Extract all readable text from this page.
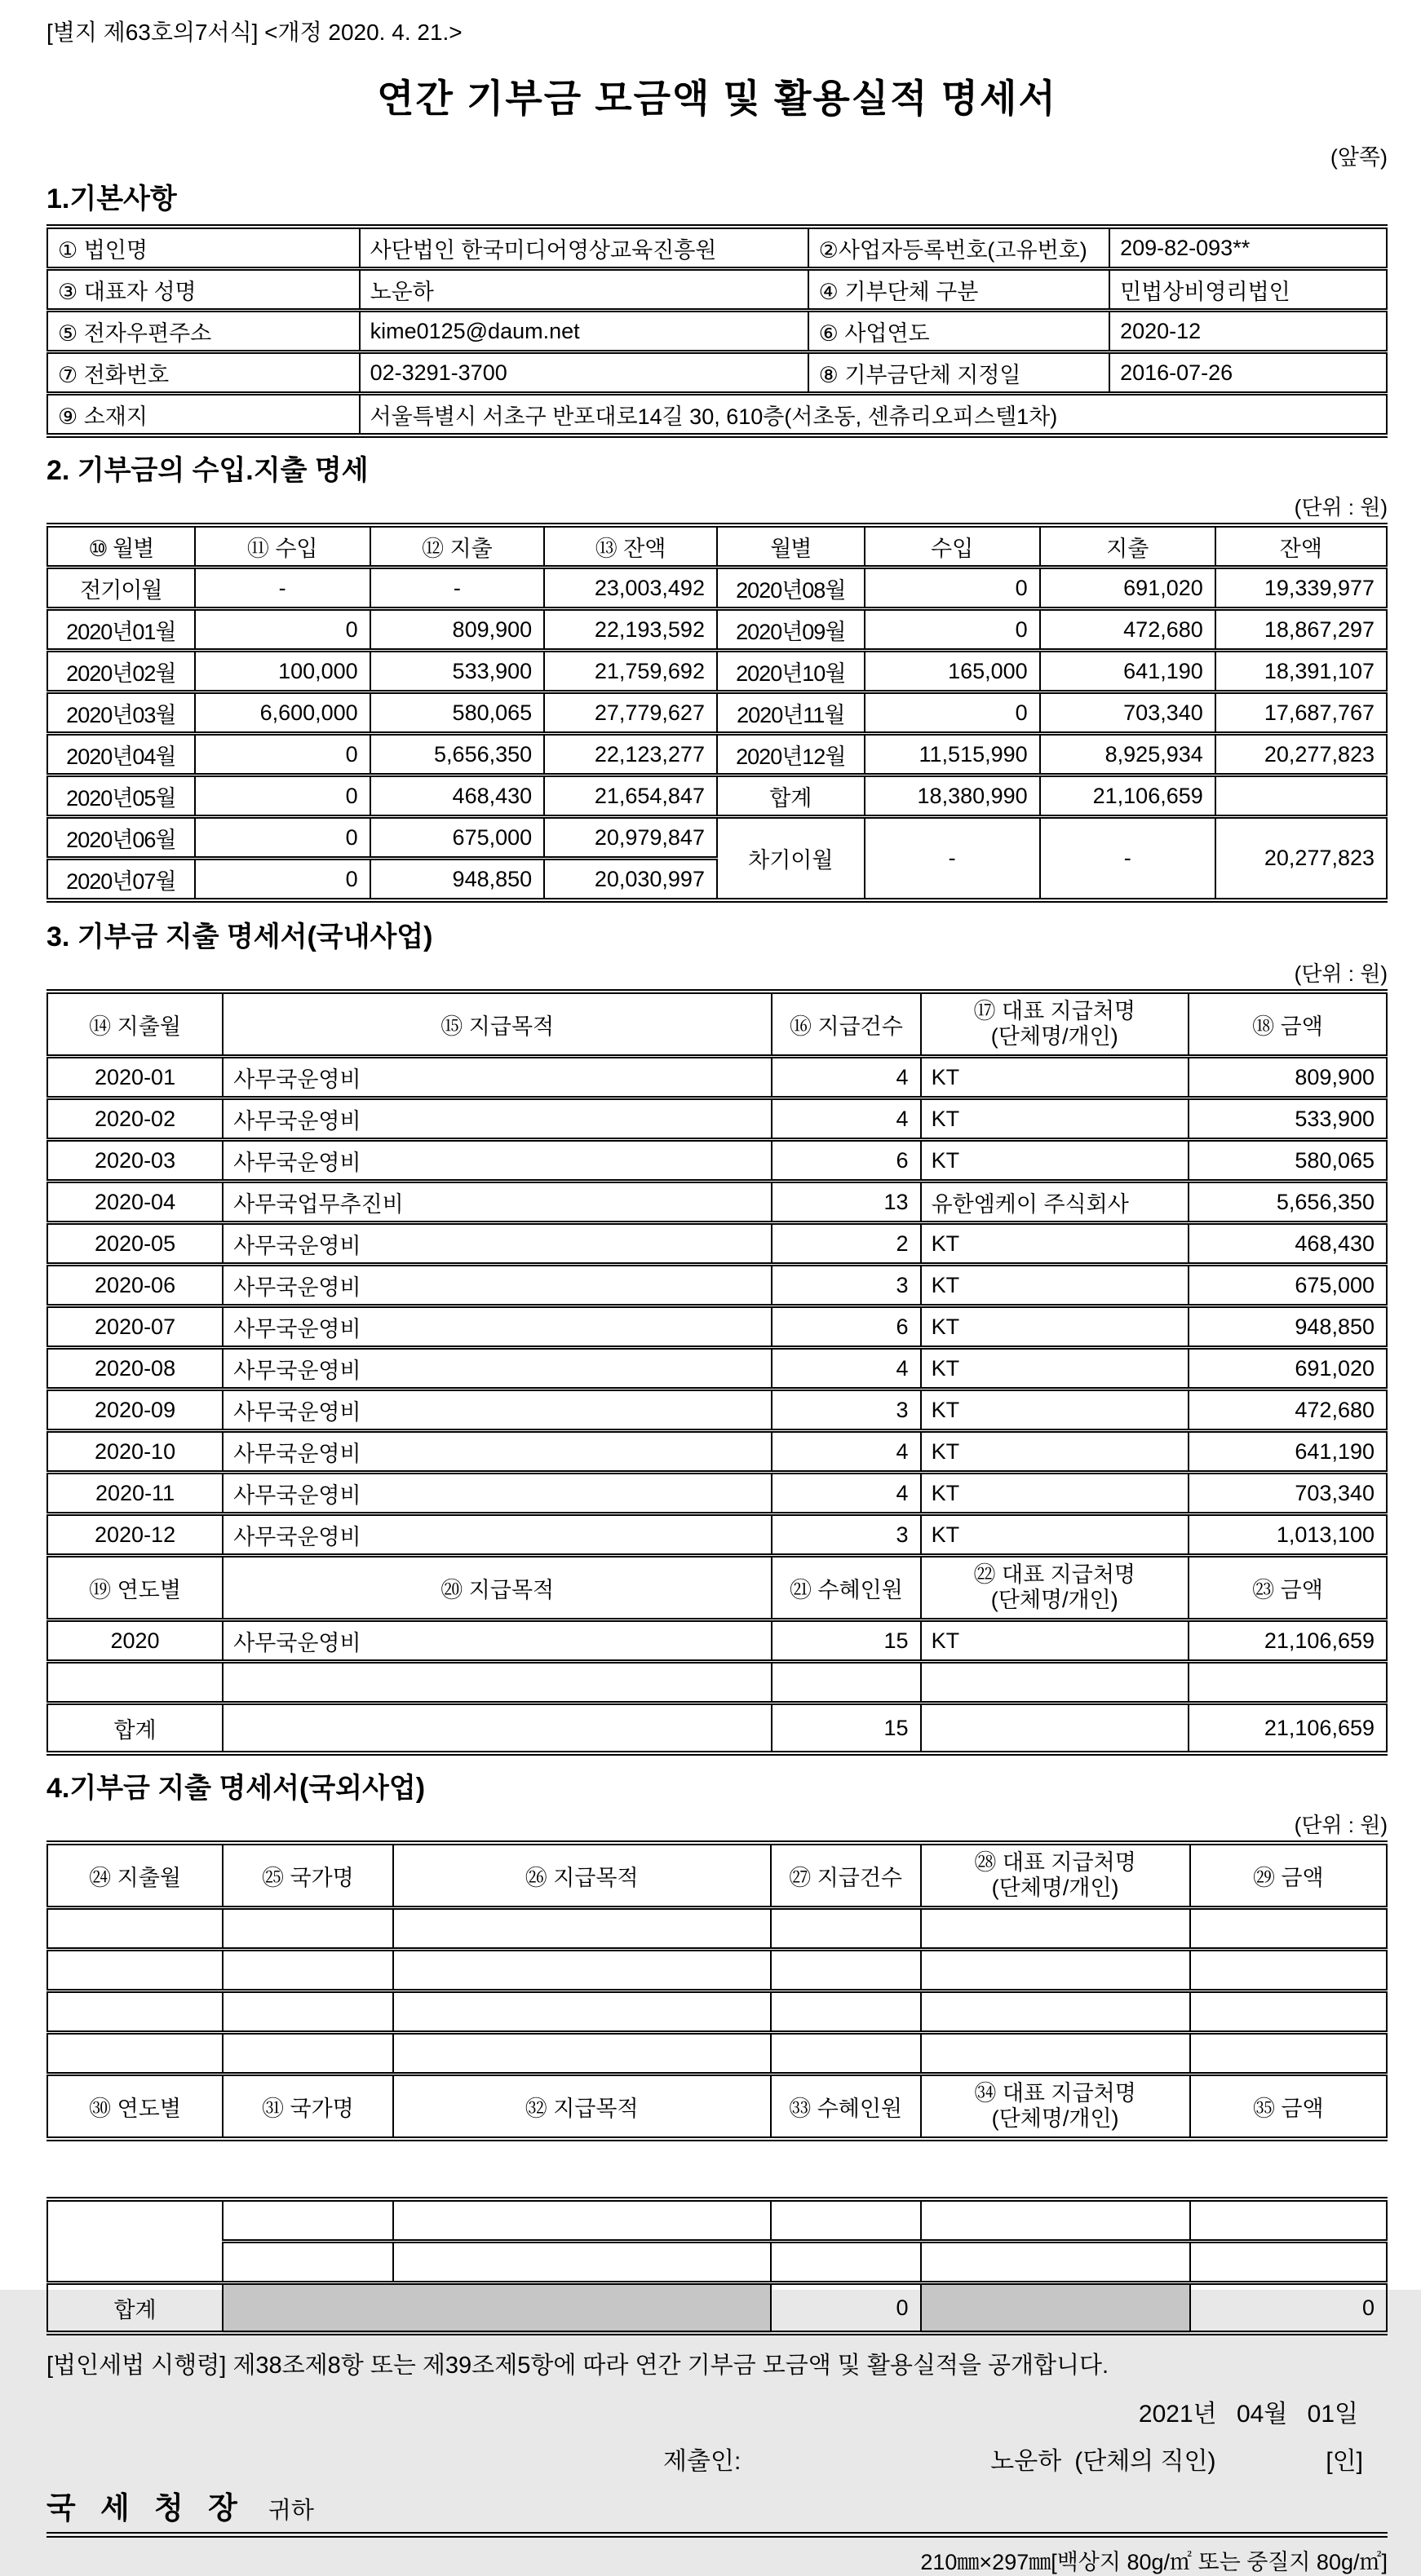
[별지 제63호의7서식] <개정 2020. 4. 21.>
연간 기부금 모금액 및 활용실적 명세서
(앞쪽)
1.기본사항
① 법인명	사단법인 한국미디어영상교육진흥원	②사업자등록번호(고유번호)	209-82-093**
③ 대표자 성명	노운하	④ 기부단체 구분	민법상비영리법인
⑤ 전자우편주소	kime0125@daum.net	⑥ 사업연도	2020-12
⑦ 전화번호	02-3291-3700	⑧ 기부금단체 지정일	2016-07-26
⑨ 소재지	서울특별시 서초구 반포대로14길 30, 610층(서초동, 센츄리오피스텔1차)		
2. 기부금의 수입.지출 명세
(단위 : 원)
⑩ 월별	⑪ 수입	⑫ 지출	⑬ 잔액	월별	수입	지출	잔액
전기이월	-	-	23,003,492	2020년08월	0	691,020	19,339,977
2020년01월	0	809,900	22,193,592	2020년09월	0	472,680	18,867,297
2020년02월	100,000	533,900	21,759,692	2020년10월	165,000	641,190	18,391,107
2020년03월	6,600,000	580,065	27,779,627	2020년11월	0	703,340	17,687,767
2020년04월	0	5,656,350	22,123,277	2020년12월	11,515,990	8,925,934	20,277,823
2020년05월	0	468,430	21,654,847	합계	18,380,990	21,106,659	
2020년06월	0	675,000	20,979,847	차기이월	-	-	20,277,823
2020년07월	0	948,850	20,030,997				
3. 기부금 지출 명세서(국내사업)
(단위 : 원)
⑭ 지출월	⑮ 지급목적	⑯ 지급건수	⑰ 대표 지급처명
(단체명/개인)	⑱ 금액
2020-01	사무국운영비	4	KT	809,900
2020-02	사무국운영비	4	KT	533,900
2020-03	사무국운영비	6	KT	580,065
2020-04	사무국업무추진비	13	유한엠케이 주식회사	5,656,350
2020-05	사무국운영비	2	KT	468,430
2020-06	사무국운영비	3	KT	675,000
2020-07	사무국운영비	6	KT	948,850
2020-08	사무국운영비	4	KT	691,020
2020-09	사무국운영비	3	KT	472,680
2020-10	사무국운영비	4	KT	641,190
2020-11	사무국운영비	4	KT	703,340
2020-12	사무국운영비	3	KT	1,013,100
⑲ 연도별	⑳ 지급목적	㉑ 수혜인원	㉒ 대표 지급처명
(단체명/개인)	㉓ 금액
2020	사무국운영비	15	KT	21,106,659

합계		15		21,106,659
4.기부금 지출 명세서(국외사업)
(단위 : 원)
㉔ 지출월	㉕ 국가명	㉖ 지급목적	㉗ 지급건수	㉘ 대표 지급처명
(단체명/개인)	㉙ 금액

㉚ 연도별	㉛ 국가명	㉜ 지급목적	㉝ 수혜인원	㉞ 대표 지급처명
(단체명/개인)	㉟ 금액

합계			0		0
[법인세법 시행령] 제38조제8항 또는 제39조제5항에 따라 연간 기부금 모금액 및 활용실적을 공개합니다.
2021년 04월 01일
제출인:	노운하 (단체의 직인)	[인]
국 세 청 장 귀하
210㎜×297㎜[백상지 80g/㎡ 또는 중질지 80g/㎡]
